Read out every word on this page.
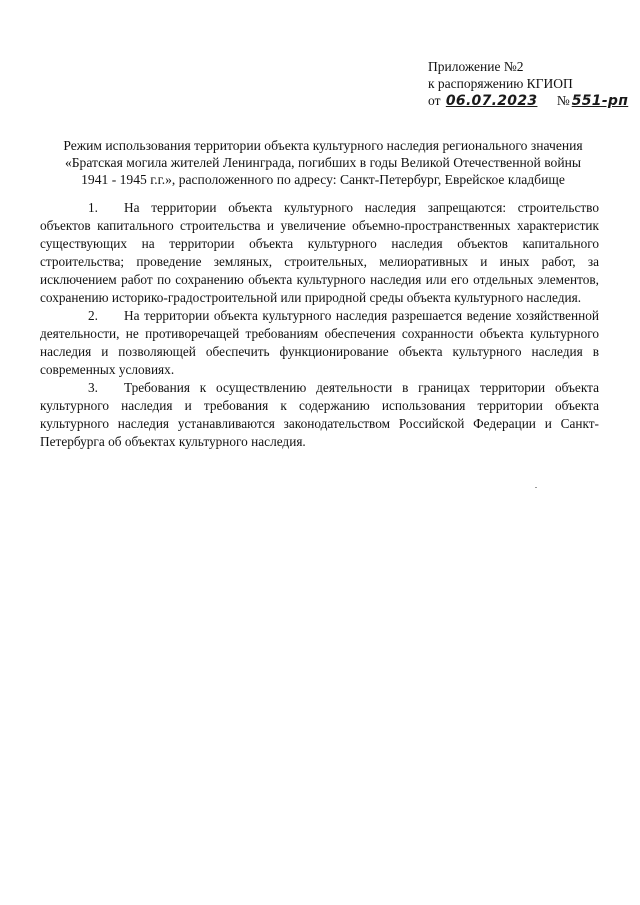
Приложение №2
к распоряжению КГИОП
от 06.07.2023 № 551-рп
Режим использования территории объекта культурного наследия регионального значения
«Братская могила жителей Ленинграда, погибших в годы Великой Отечественной войны
1941 - 1945 г.г.», расположенного по адресу: Санкт-Петербург, Еврейское кладбище

1. На территории объекта культурного наследия запрещаются: строительство объектов капитального строительства и увеличение объемно-пространственных характеристик существующих на территории объекта культурного наследия объектов капитального строительства; проведение земляных, строительных, мелиоративных и иных работ, за исключением работ по сохранению объекта культурного наследия или его отдельных элементов, сохранению историко-градостроительной или природной среды объекта культурного наследия.

2. На территории объекта культурного наследия разрешается ведение хозяйственной деятельности, не противоречащей требованиям обеспечения сохранности объекта культурного наследия и позволяющей обеспечить функционирование объекта культурного наследия в современных условиях.

3. Требования к осуществлению деятельности в границах территории объекта культурного наследия и требования к содержанию использования территории объекта культурного наследия устанавливаются законодательством Российской Федерации и Санкт-Петербурга об объектах культурного наследия.
